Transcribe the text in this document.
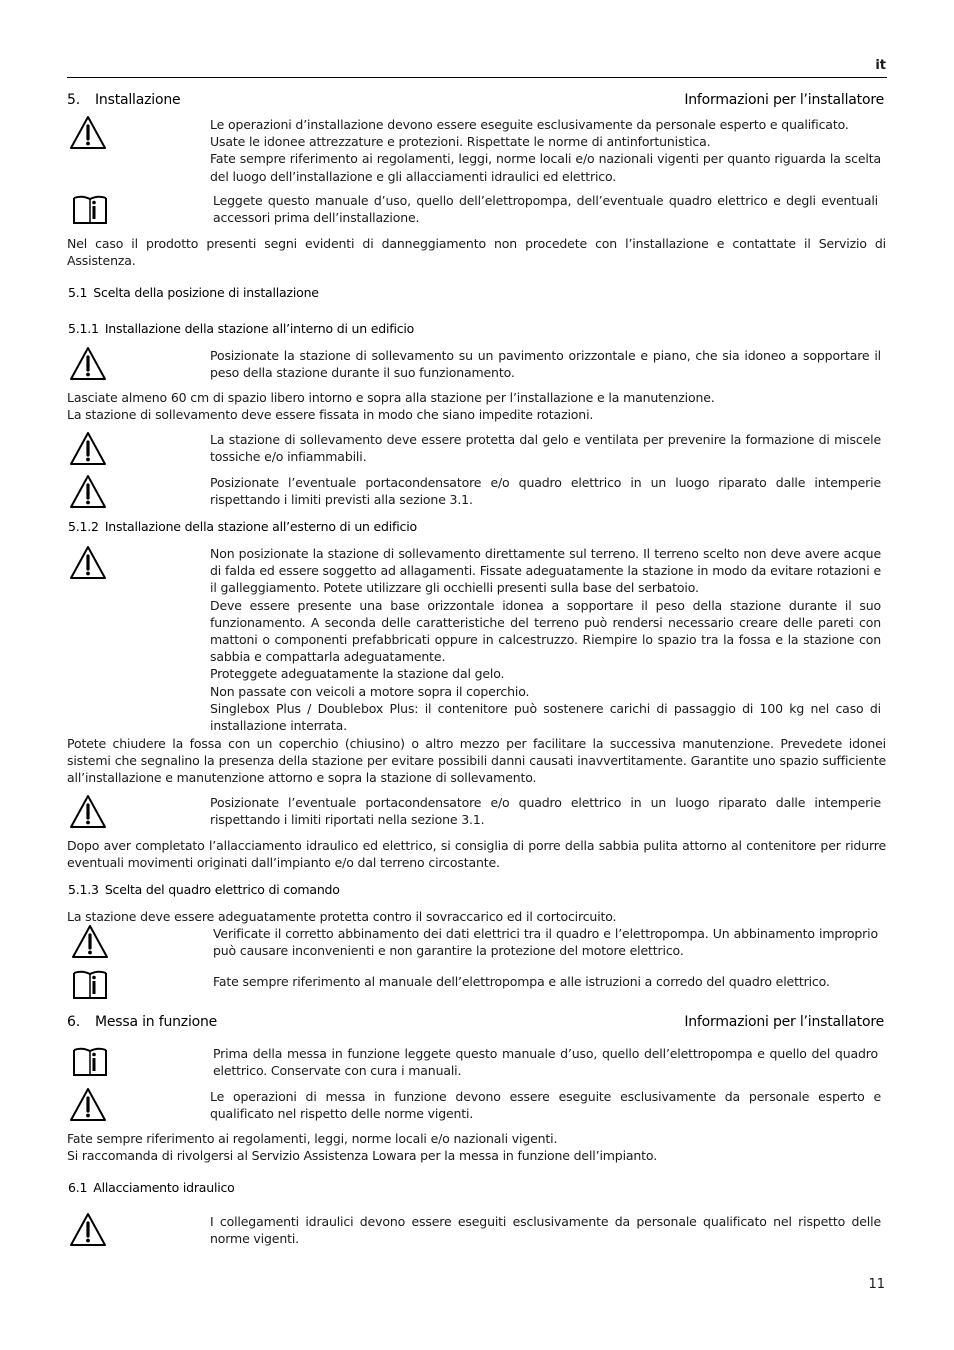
it
5. Installazione	Informazioni per l’installatore

Le operazioni d’installazione devono essere eseguite esclusivamente da personale esperto e qualificato.

Usate le idonee attrezzature e protezioni. Rispettate le norme di antinfortunistica.

Fate sempre riferimento ai regolamenti, leggi, norme locali e/o nazionali vigenti per quanto riguarda la scelta del luogo dell’installazione e gli allacciamenti idraulici ed elettrico.

Leggete questo manuale d’uso, quello dell’elettropompa, dell’eventuale quadro elettrico e degli eventuali accessori prima dell’installazione.
Nel caso il prodotto presenti segni evidenti di danneggiamento non procedete con l’installazione e contattate il Servizio di Assistenza.
5.1 Scelta della posizione di installazione
5.1.1 Installazione della stazione all’interno di un edificio
Posizionate la stazione di sollevamento su un pavimento orizzontale e piano, che sia idoneo a sopportare il peso della stazione durante il suo funzionamento.

Lasciate almeno 60 cm di spazio libero intorno e sopra alla stazione per l’installazione e la manutenzione.

La stazione di sollevamento deve essere fissata in modo che siano impedite rotazioni.

La stazione di sollevamento deve essere protetta dal gelo e ventilata per prevenire la formazione di miscele tossiche e/o infiammabili.
Posizionate l’eventuale portacondensatore e/o quadro elettrico in un luogo riparato dalle intemperie rispettando i limiti previsti alla sezione 3.1.
5.1.2 Installazione della stazione all’esterno di un edificio

Non posizionate la stazione di sollevamento direttamente sul terreno. Il terreno scelto non deve avere acque di falda ed essere soggetto ad allagamenti. Fissate adeguatamente la stazione in modo da evitare rotazioni e il galleggiamento. Potete utilizzare gli occhielli presenti sulla base del serbatoio.

Deve essere presente una base orizzontale idonea a sopportare il peso della stazione durante il suo funzionamento. A seconda delle caratteristiche del terreno può rendersi necessario creare delle pareti con mattoni o componenti prefabbricati oppure in calcestruzzo. Riempire lo spazio tra la fossa e la stazione con sabbia e compattarla adeguatamente.

Proteggete adeguatamente la stazione dal gelo.

Non passate con veicoli a motore sopra il coperchio.

Singlebox Plus / Doublebox Plus: il contenitore può sostenere carichi di passaggio di 100 kg nel caso di installazione interrata.

Potete chiudere la fossa con un coperchio (chiusino) o altro mezzo per facilitare la successiva manutenzione. Prevedete idonei sistemi che segnalino la presenza della stazione per evitare possibili danni causati inavvertitamente. Garantite uno spazio sufficiente all’installazione e manutenzione attorno e sopra la stazione di sollevamento.
Posizionate l’eventuale portacondensatore e/o quadro elettrico in un luogo riparato dalle intemperie rispettando i limiti riportati nella sezione 3.1.
Dopo aver completato l’allacciamento idraulico ed elettrico, si consiglia di porre della sabbia pulita attorno al contenitore per ridurre eventuali movimenti originati dall’impianto e/o dal terreno circostante.
5.1.3 Scelta del quadro elettrico di comando
La stazione deve essere adeguatamente protetta contro il sovraccarico ed il cortocircuito.
Verificate il corretto abbinamento dei dati elettrici tra il quadro e l’elettropompa. Un abbinamento improprio può causare inconvenienti e non garantire la protezione del motore elettrico.
Fate sempre riferimento al manuale dell’elettropompa e alle istruzioni a corredo del quadro elettrico.
6. Messa in funzione	Informazioni per l’installatore
Prima della messa in funzione leggete questo manuale d’uso, quello dell’elettropompa e quello del quadro elettrico. Conservate con cura i manuali.
Le operazioni di messa in funzione devono essere eseguite esclusivamente da personale esperto e qualificato nel rispetto delle norme vigenti.

Fate sempre riferimento ai regolamenti, leggi, norme locali e/o nazionali vigenti.

Si raccomanda di rivolgersi al Servizio Assistenza Lowara per la messa in funzione dell’impianto.

6.1 Allacciamento idraulico
I collegamenti idraulici devono essere eseguiti esclusivamente da personale qualificato nel rispetto delle norme vigenti.
11
